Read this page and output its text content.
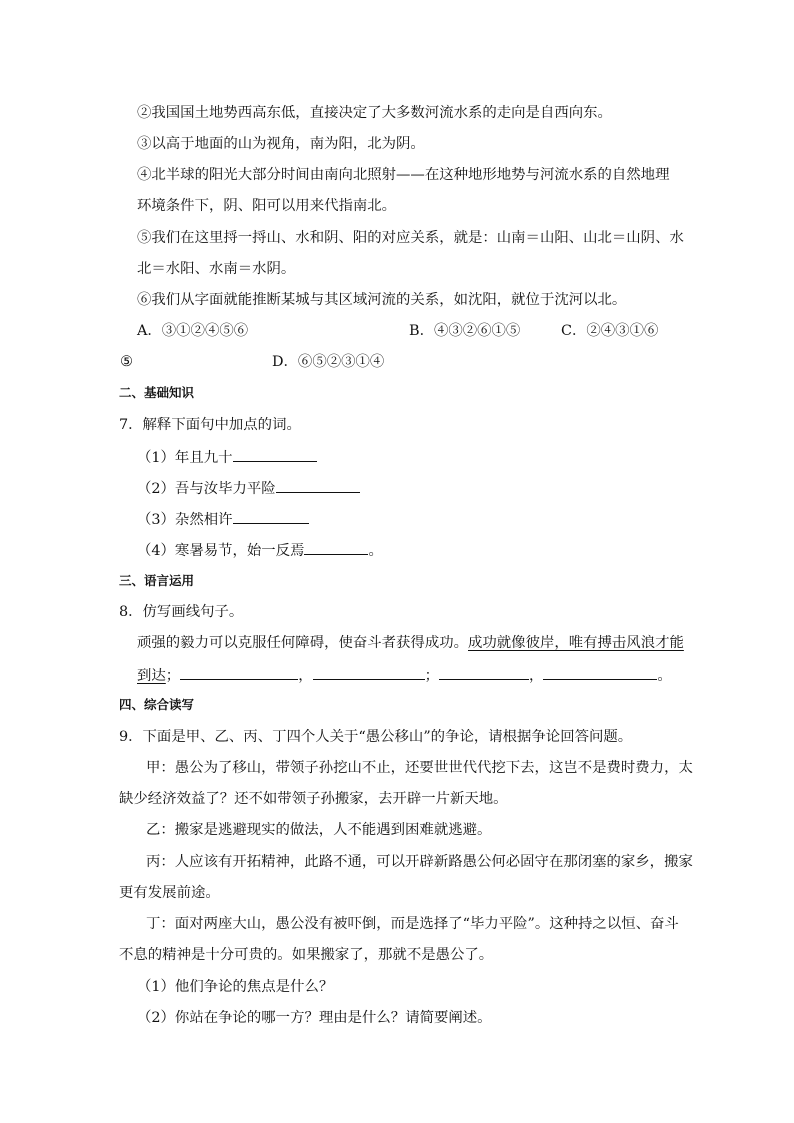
②我国国土地势西高东低，直接决定了大多数河流水系的走向是自西向东。
③以高于地面的山为视角，南为阳，北为阴。
④北半球的阳光大部分时间由南向北照射——在这种地形地势与河流水系的自然地理
环境条件下，阴、阳可以用来代指南北。
⑤我们在这里捋一捋山、水和阴、阳的对应关系，就是：山南＝山阳、山北＝山阴、水
北＝水阳、水南＝水阴。
⑥我们从字面就能推断某城与其区域河流的关系，如沈阳，就位于沈河以北。
A．③①②④⑤⑥	B．④③②⑥①⑤	C．②④③①⑥
⑤	D．⑥⑤②③①④
二、基础知识
7．解释下面句中加点的词。
（1）年且九十
（2）吾与汝毕力平险
（3）杂然相许
（4）寒暑易节，始一反焉	。
三、语言运用
8．仿写画线句子。
顽强的毅力可以克服任何障碍，使奋斗者获得成功。成功就像彼岸，唯有搏击风浪才能
到达；	，	；	，	。
四、综合读写
9．下面是甲、乙、丙、丁四个人关于“愚公移山”的争论，请根据争论回答问题。
甲：愚公为了移山，带领子孙挖山不止，还要世世代代挖下去，这岂不是费时费力，太
缺少经济效益了？还不如带领子孙搬家，去开辟一片新天地。
乙：搬家是逃避现实的做法，人不能遇到困难就逃避。
丙：人应该有开拓精神，此路不通，可以开辟新路愚公何必固守在那闭塞的家乡，搬家
更有发展前途。
丁：面对两座大山，愚公没有被吓倒，而是选择了“毕力平险”。这种持之以恒、奋斗
不息的精神是十分可贵的。如果搬家了，那就不是愚公了。
（1）他们争论的焦点是什么？
（2）你站在争论的哪一方？理由是什么？请简要阐述。
